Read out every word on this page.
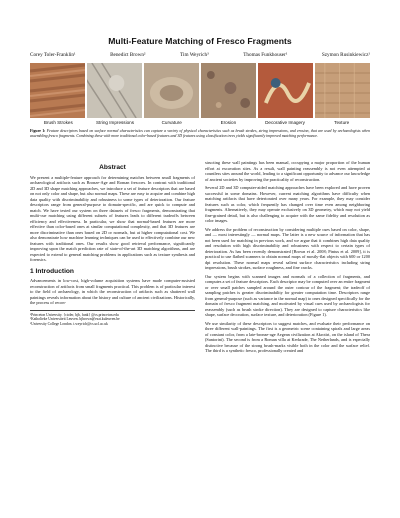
Multi-Feature Matching of Fresco Fragments
Corey Toler-Franklin¹	Benedict Brown²	Tim Weyrich³	Thomas Funkhouser¹	Szymon Rusinkiewicz¹
Brush Strokes	String Impressions	Curvature	Erosion	Decorative Imagery	Texture
Figure 1: Feature descriptors based on surface normal characteristics can capture a variety of physical characteristics such as brush strokes, string impressions, and erosion, that are used by archaeologists when assembling fresco fragments. Combining these with more traditional color-based features and 3D features using classification trees yields significantly improved matching performance.
Abstract

We present a multiple-feature approach for determining matches between small fragments of archaeological artifacts such as Bronze-Age and Roman frescoes. In contrast with traditional 2D and 3D shape matching approaches, we introduce a set of feature descriptors that are based on not only color and shape, but also normal maps. These are easy to acquire and combine high data quality with discriminability and robustness to some types of deterioration. Our feature descriptors range from general-purpose to domain-specific, and are quick to compute and match. We have tested our system on three datasets of fresco fragments, demonstrating that multi-cue matching using different subsets of features leads to different tradeoffs between efficiency and effectiveness. In particular, we show that normal-based features are more effective than color-based ones at similar computational complexity, and that 3D features are more discriminative than ones based on 2D or normals, but at higher computational cost. We also demonstrate how machine learning techniques can be used to effectively combine our new features with traditional ones. Our results show good retrieval performance, significantly improving upon the match prediction rate of state-of-the-art 3D matching algorithms, and are expected to extend to general matching problems in applications such as texture synthesis and forensics.

1 Introduction

Advancements in low-cost, high-volume acquisition systems have made computer-assisted reconstruction of artifacts from small fragments practical. This problem is of particular interest to the field of archaeology, in which the reconstruction of artifacts such as shattered wall paintings reveals information about the history and culture of ancient civilizations. Historically, the process of recon-

¹Princeton University. {ctoler, bjb, funk} @cs.princeton.edu
²Katholieke Universiteit Leuven. bjbrown@esat.kuleuven.be
³University College London. t.weyrich@cs.ucl.ac.uk

structing these wall paintings has been manual, occupying a major proportion of the human effort at excavation sites. As a result, wall painting reassembly is not even attempted at countless sites around the world, leading to a significant opportunity to advance our knowledge of ancient societies by improving the practicality of reconstruction.

Several 2D and 3D computer-aided matching approaches have been explored and have proven successful in some domains. However, current matching algorithms have difficulty when matching artifacts that have deteriorated over many years. For example, they may consider features such as color, which frequently has changed over time even among neighboring fragments. Alternatively, they may operate exclusively on 3D geometry, which may not yield fine-grained detail, but is also challenging to acquire with the same fidelity and resolution as color images.

We address the problem of reconstruction by considering multiple cues based on color, shape, and — most interestingly — normal maps. The latter is a new source of information that has not been used for matching in previous work, and we argue that it combines high data quality and resolution with high discriminability and robustness with respect to certain types of deterioration. As has been recently demonstrated [Brown et al. 2008; Pintus et al. 2009], it is practical to use flatbed scanners to obtain normal maps of mostly-flat objects with 600 or 1200 dpi resolution. These normal maps reveal salient surface characteristics including string impressions, brush strokes, surface roughness, and fine cracks.

Our system begins with scanned images and normals of a collection of fragments, and computes a set of feature descriptors. Each descriptor may be computed over an entire fragment or over small patches sampled around the outer contour of the fragment; the tradeoff of sampling patches is greater discriminability for greater computation time. Descriptors range from general-purpose (such as variance in the normal map) to ones designed specifically for the domain of fresco fragment matching, and motivated by visual cues used by archaeologists for reassembly (such as brush stroke direction). They are designed to capture characteristics like shape, surface decoration, surface texture, and deterioration (Figure 1).

We use similarity of these descriptors to suggest matches, and evaluate their performance on three different wall-paintings. The first is a geometric scene containing spirals and large areas of constant color, from a late-bronze-age Aegean civilization at Akrotiri, on the island of Thera (Santorini). The second is from a Roman villa at Kerkrade, The Netherlands, and is especially distinctive because of the strong brush-marks visible both in the color and the surface relief. The third is a synthetic fresco, professionally created and
